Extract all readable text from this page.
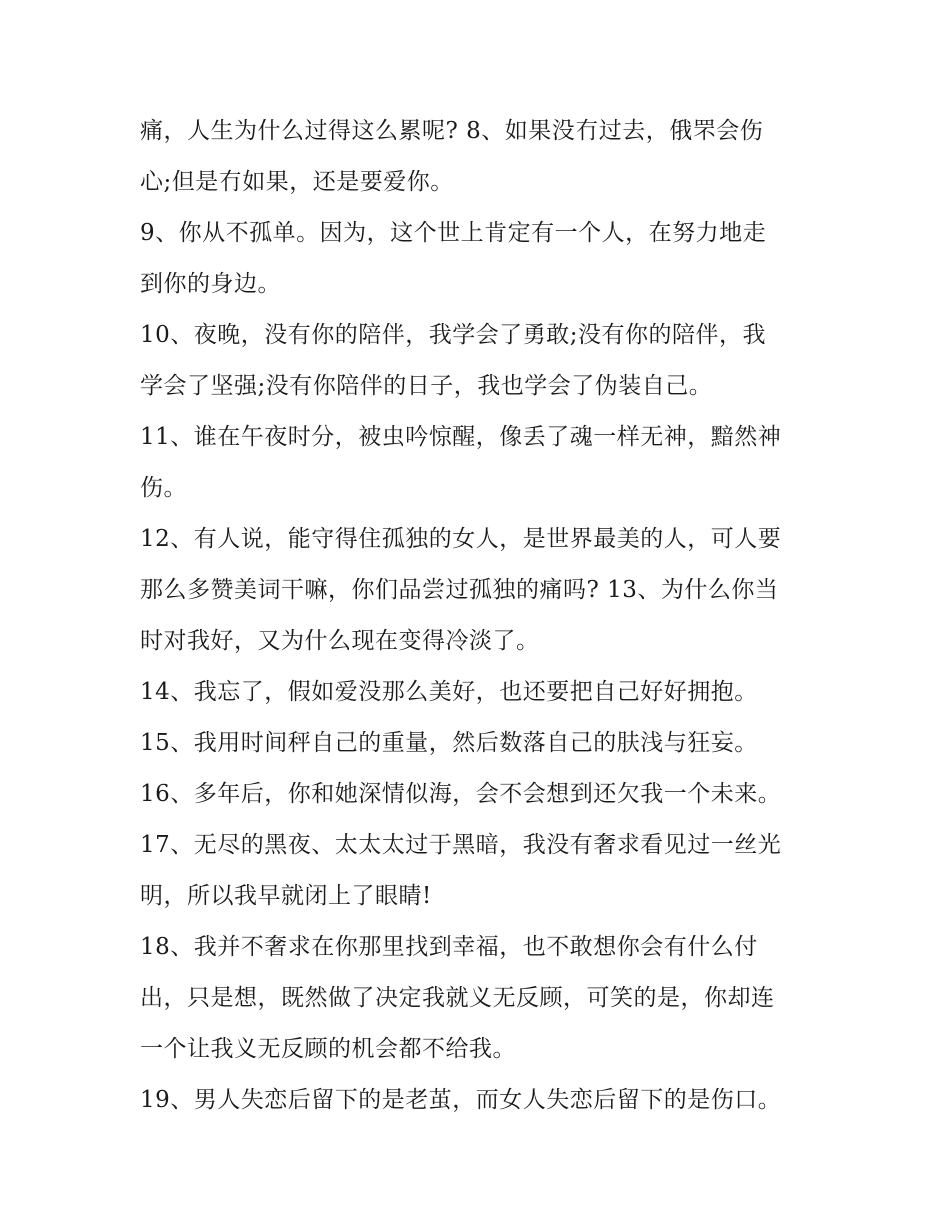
痛，人生为什么过得这么累呢? 8、如果没冇过去，俄罘会伤
心;但是冇如果，还是要爱你。
9、你从不孤单。因为，这个世上肯定有一个人，在努力地走
到你的身边。
10、夜晚，没有你的陪伴，我学会了勇敢;没有你的陪伴，我
学会了坚强;没有你陪伴的日子，我也学会了伪装自己。
11、谁在午夜时分，被虫吟惊醒，像丢了魂一样无神，黯然神
伤。
12、有人说，能守得住孤独的女人，是世界最美的人，可人要
那么多赞美词干嘛，你们品尝过孤独的痛吗? 13、为什么你当
时对我好，又为什么现在变得冷淡了。
14、我忘了，假如爱没那么美好，也还要把自己好好拥抱。
15、我用时间秤自己的重量，然后数落自己的肤浅与狂妄。
16、多年后，你和她深情似海，会不会想到还欠我一个未来。
17、无尽的黑夜、太太太过于黑暗，我没有奢求看见过一丝光
明，所以我早就闭上了眼睛!
18、我并不奢求在你那里找到幸福，也不敢想你会有什么付
出，只是想，既然做了决定我就义无反顾，可笑的是，你却连
一个让我义无反顾的机会都不给我。
19、男人失恋后留下的是老茧，而女人失恋后留下的是伤口。
